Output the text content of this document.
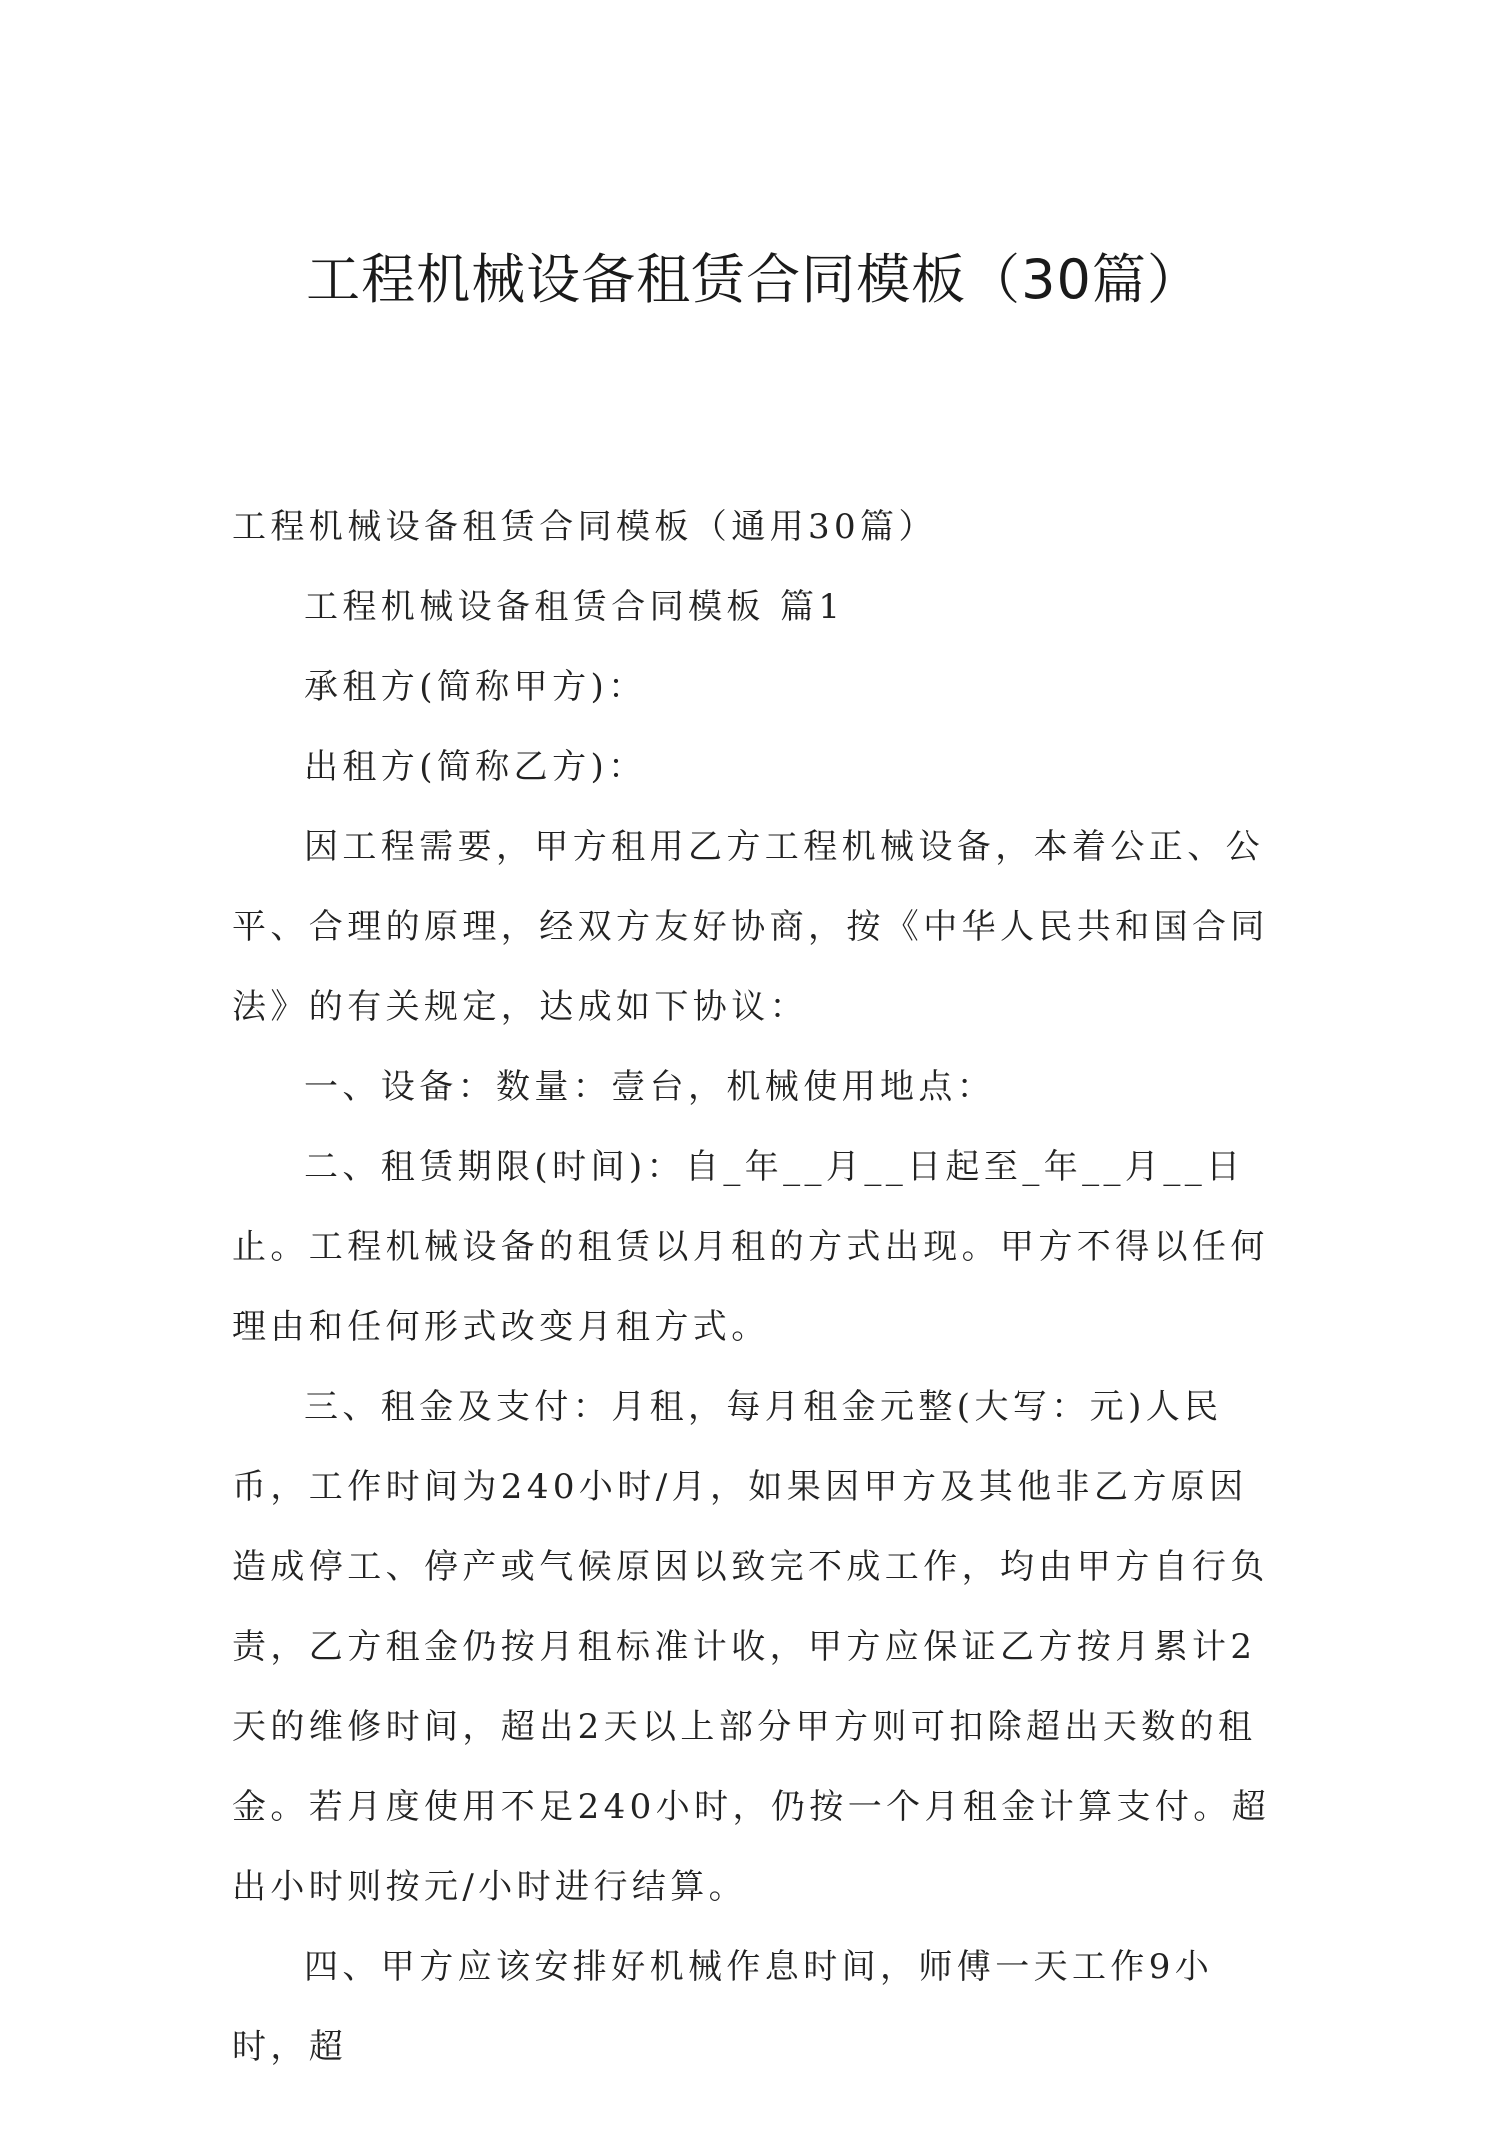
工程机械设备租赁合同模板（30篇）

工程机械设备租赁合同模板（通用30篇）

工程机械设备租赁合同模板 篇1

承租方(简称甲方)：

出租方(简称乙方)：

因工程需要，甲方租用乙方工程机械设备，本着公正、公平、合理的原理，经双方友好协商，按《中华人民共和国合同法》的有关规定，达成如下协议：

一、设备：数量：壹台，机械使用地点：

二、租赁期限(时间)：自_年__月__日起至_年__月__日止。工程机械设备的租赁以月租的方式出现。甲方不得以任何理由和任何形式改变月租方式。

三、租金及支付：月租，每月租金元整(大写：元)人民币，工作时间为240小时/月，如果因甲方及其他非乙方原因造成停工、停产或气候原因以致完不成工作，均由甲方自行负责，乙方租金仍按月租标准计收，甲方应保证乙方按月累计2天的维修时间，超出2天以上部分甲方则可扣除超出天数的租金。若月度使用不足240小时，仍按一个月租金计算支付。超出小时则按元/小时进行结算。

四、甲方应该安排好机械作息时间，师傅一天工作9小时，超
